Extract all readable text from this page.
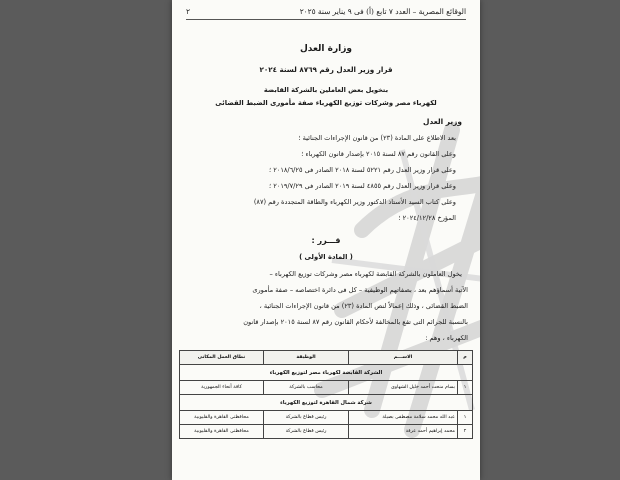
الوقائع المصرية – العدد ٧ تابع (أ) فى ٩ يناير سنة ٢٠٢٥
٢
وزارة العدل
قرار وزير العدل رقم ٨٧٦٩ لسنة ٢٠٢٤
بتخويل بعض العاملين بالشركة القابضة
لكهرباء مصر وشركات توزيع الكهرباء صفة مأمورى الضبط القضائى
وزير العدل
بعد الاطلاع على المادة (٢٣) من قانون الإجراءات الجنائية ؛
وعلى القانون رقم ٨٧ لسنة ٢٠١٥ بإصدار قانون الكهرباء ؛
وعلى قرار وزير العدل رقم ٥٢٢١ لسنة ٢٠١٨ الصادر فى ٢٠١٨/٦/٢٥ ؛
وعلى قرار وزير العدل رقم ٤٨٥٥ لسنة ٢٠١٩ الصادر فى ٢٠١٩/٧/٢٩ ؛
وعلى كتاب السيد الأستاذ الدكتور وزير الكهرباء والطاقة المتجددة رقم (٨٧)
المؤرخ ٢٠٢٤/١٢/٢٨ ؛
قـــرر :
( المادة الأولى )
يخول العاملون بالشركة القابضة لكهرباء مصر وشركات توزيع الكهرباء –
الآتية أسماؤهم بعد ، بصفاتهم الوظيفية – كل فى دائرة اختصاصه – صفة مأمورى
الضبط القضائى ، وذلك إعمالاً لنص المادة (٢٣) من قانون الإجراءات الجنائية ،
بالنسبة للجرائم التى تقع بالمخالفة لأحكام القانون رقم ٨٧ لسنة ٢٠١٥ بإصدار قانون
الكهرباء ، وهم :
م	الاســـم	الوظيفة	نطاق العمل المكانى
الشركة القابضة لكهرباء مصر لتوزيع الكهرباء			
١	بسام منحت أحمد خليل الشهاوى	محاسب بالشركة	كافة أنحاء الجمهورية
شركة شمال القاهرة لتوزيع الكهرباء			
١	عبد الله محمد سلامة مصطفى بصيلة	رئيس قطاع بالشركة	محافظتى القاهرة والقليوبية
٢	محمد إبراهيم أحمد عرفة	رئيس قطاع بالشركة	محافظتى القاهرة والقليوبية
